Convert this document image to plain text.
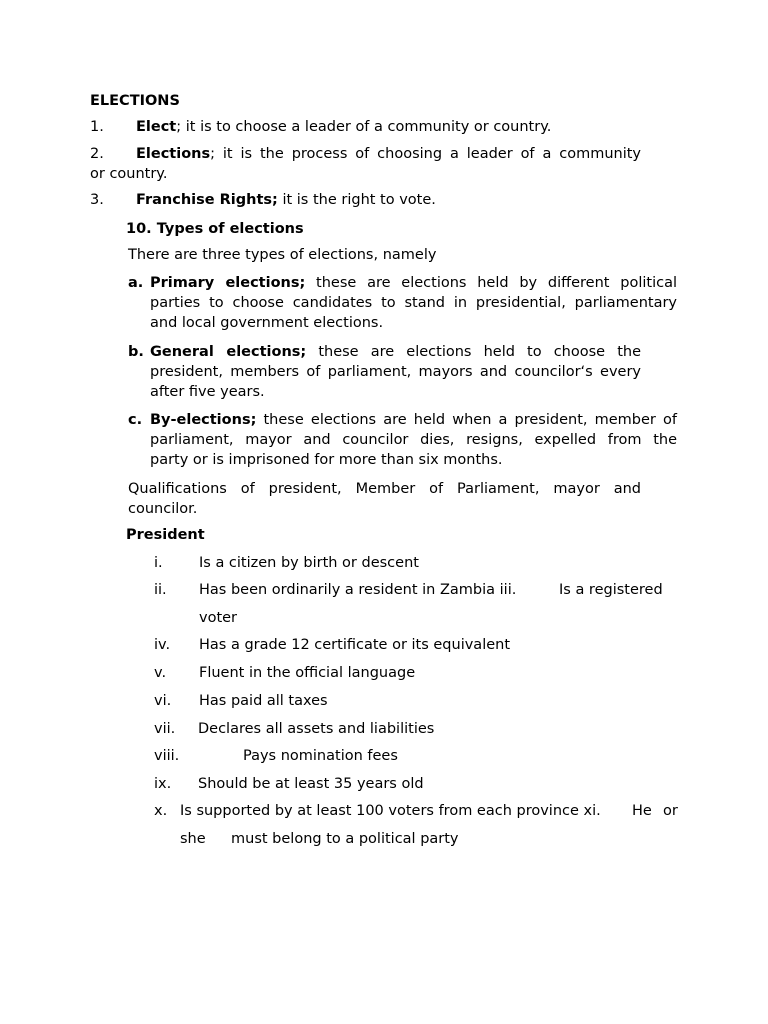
ELECTIONS
1. Elect; it is to choose a leader of a community or country.
2. Elections; it is the process of choosing a leader of a community
or country.
3. Franchise Rights; it is the right to vote.
10. Types of elections
There are three types of elections, namely
a. Primary elections; these are elections held by different political
parties to choose candidates to stand in presidential, parliamentary
and local government elections.
b. General elections; these are elections held to choose the
president, members of parliament, mayors and councilor‘s every
after five years.
c. By-elections; these elections are held when a president, member of
parliament, mayor and councilor dies, resigns, expelled from the
party or is imprisoned for more than six months.
Qualifications of president, Member of Parliament, mayor and
councilor.
President
i.	Is a citizen by birth or descent
ii. Has been ordinarily a resident in Zambia iii.	Is a registered
voter
iv. Has a grade 12 certificate or its equivalent
v. Fluent in the official language
vi. Has paid all taxes
vii. Declares all assets and liabilities
viii.	Pays nomination fees
ix. Should be at least 35 years old
x. Is supported by at least 100 voters from each province xi. He or
she must belong to a political party
